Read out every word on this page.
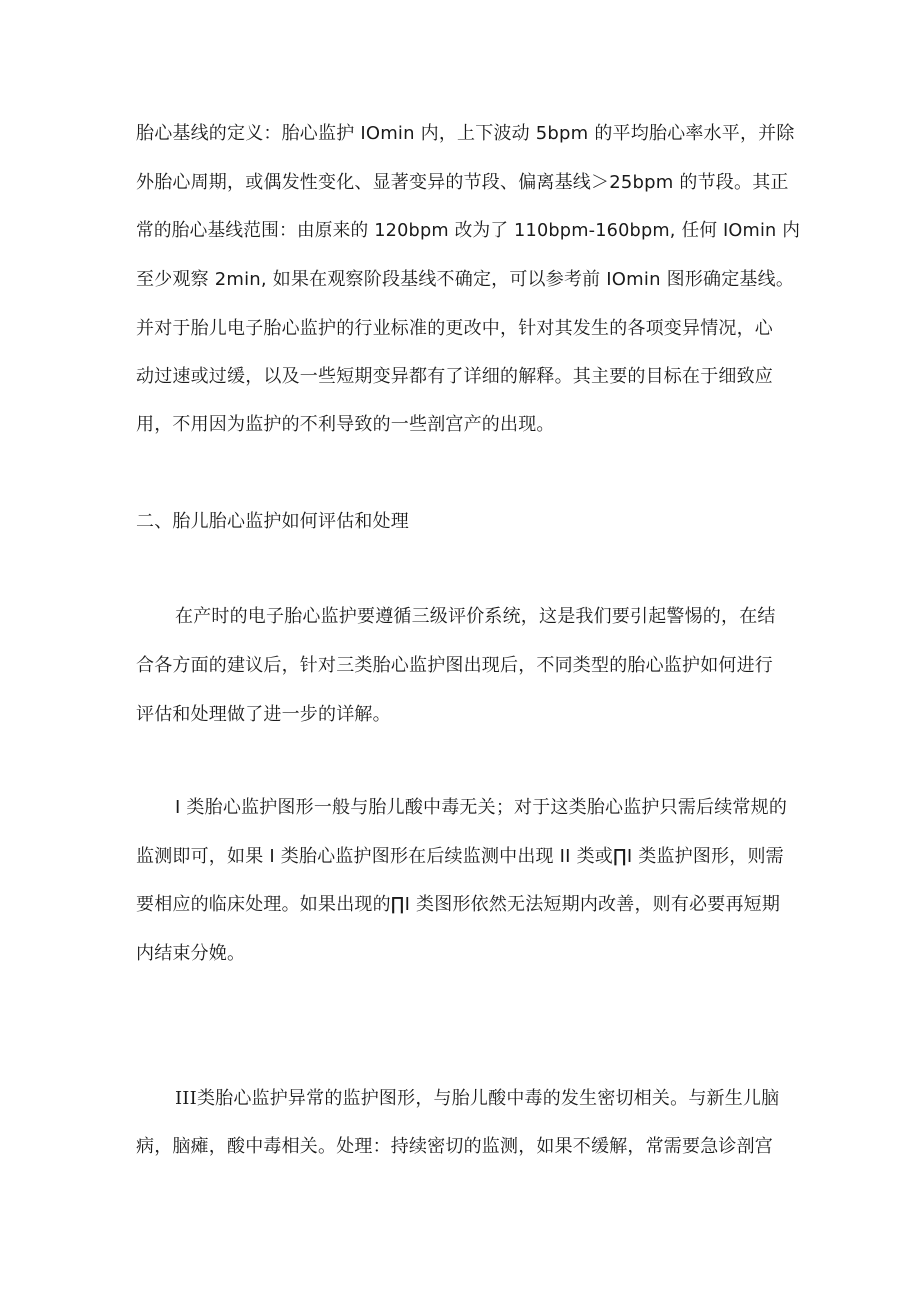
胎心基线的定义：胎心监护 IOmin 内，上下波动 5bpm 的平均胎心率水平，并除
外胎心周期，或偶发性变化、显著变异的节段、偏离基线＞25bpm 的节段。其正
常的胎心基线范围：由原来的 120bpm 改为了 110bpm-160bpm, 任何 IOmin 内
至少观察 2min, 如果在观察阶段基线不确定，可以参考前 IOmin 图形确定基线。
并对于胎儿电子胎心监护的行业标准的更改中，针对其发生的各项变异情况，心
动过速或过缓，以及一些短期变异都有了详细的解释。其主要的目标在于细致应
用，不用因为监护的不利导致的一些剖宫产的出现。
二、胎儿胎心监护如何评估和处理
在产时的电子胎心监护要遵循三级评价系统，这是我们要引起警惕的，在结
合各方面的建议后，针对三类胎心监护图出现后，不同类型的胎心监护如何进行
评估和处理做了进一步的详解。
I 类胎心监护图形一般与胎儿酸中毒无关；对于这类胎心监护只需后续常规的
监测即可，如果 I 类胎心监护图形在后续监测中出现 II 类或∏I 类监护图形，则需
要相应的临床处理。如果出现的∏I 类图形依然无法短期内改善，则有必要再短期
内结束分娩。
III类胎心监护异常的监护图形，与胎儿酸中毒的发生密切相关。与新生儿脑
病，脑瘫，酸中毒相关。处理：持续密切的监测，如果不缓解，常需要急诊剖宫
